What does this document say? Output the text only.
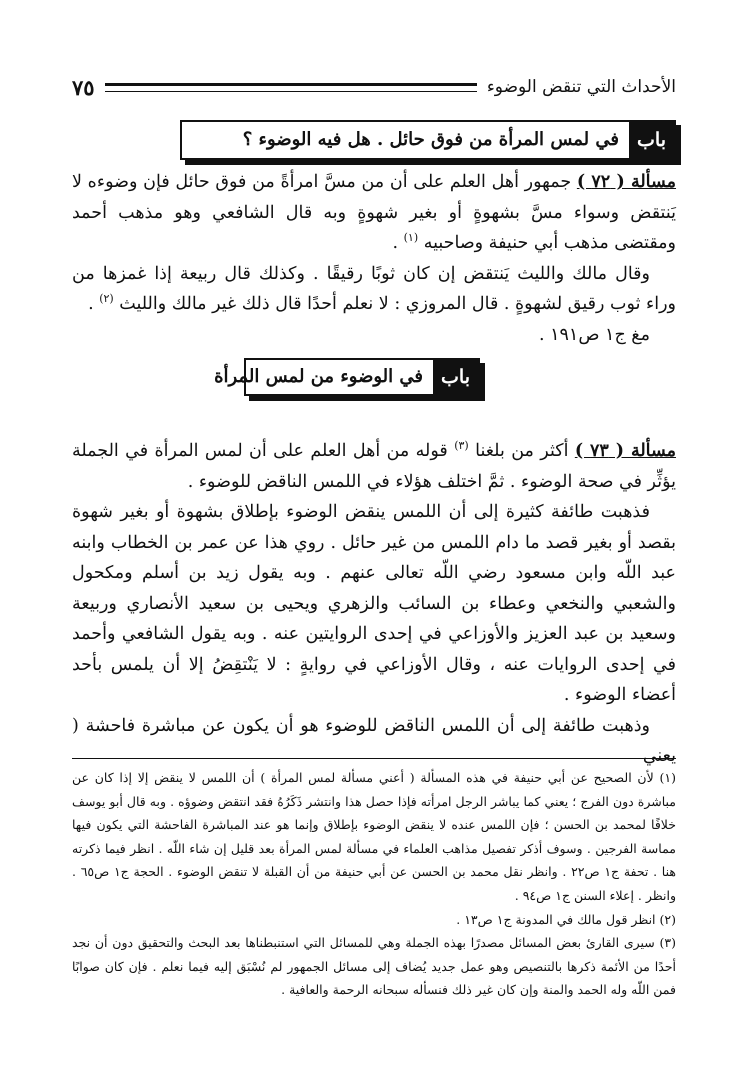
الأحداث التي تنقض الوضوء
٧٥
باب
في لمس المرأة من فوق حائل . هل فيه الوضوء ؟

مسألة ( ٧٢ ) جمهور أهل العلم على أن من مسَّ امرأةً من فوق حائل فإن وضوءه لا يَنتقض وسواء مسَّ بشهوةٍ أو بغير شهوةٍ وبه قال الشافعي وهو مذهب أحمد ومقتضى مذهب أبي حنيفة وصاحبيه $^{(١)}$ .

وقال مالك والليث يَنتقض إن كان ثوبًا رقيقًا . وكذلك قال ربيعة إذا غمزها من وراء ثوب رقيق لشهوةٍ . قال المروزي : لا نعلم أحدًا قال ذلك غير مالك والليث $^{(٢)}$ .

مغ ج١ ص١٩١ .

باب
في الوضوء من لمس المرأة

مسألة ( ٧٣ ) أكثر من بلغنا $^{(٣)}$ قوله من أهل العلم على أن لمس المرأة في الجملة يؤثِّر في صحة الوضوء . ثمَّ اختلف هؤلاء في اللمس الناقض للوضوء .

فذهبت طائفة كثيرة إلى أن اللمس ينقض الوضوء بإطلاق بشهوة أو بغير شهوة بقصد أو بغير قصد ما دام اللمس من غير حائل . روي هذا عن عمر بن الخطاب وابنه عبد اللّه وابن مسعود رضي اللّه تعالى عنهم . وبه يقول زيد بن أسلم ومكحول والشعبي والنخعي وعطاء بن السائب والزهري ويحيى بن سعيد الأنصاري وربيعة وسعيد بن عبد العزيز والأوزاعي في إحدى الروايتين عنه . وبه يقول الشافعي وأحمد في إحدى الروايات عنه ، وقال الأوزاعي في روايةٍ : لا يَنْتقِضُ إلا أن يلمس بأحد أعضاء الوضوء .

وذهبت طائفة إلى أن اللمس الناقض للوضوء هو أن يكون عن مباشرة فاحشة ( يعني

(١) لأن الصحيح عن أبي حنيفة في هذه المسألة ( أعني مسألة لمس المرأة ) أن اللمس لا ينقض إلا إذا كان عن مباشرة دون الفرج ؛ يعني كما يباشر الرجل امرأته فإذا حصل هذا وانتشر ذَكَرُهُ فقد انتقض وضوؤه . وبه قال أبو يوسف خلافًا لمحمد بن الحسن ؛ فإن اللمس عنده لا ينقض الوضوء بإطلاق وإنما هو عند المباشرة الفاحشة التي يكون فيها مماسة الفرجين . وسوف أذكر تفصيل مذاهب العلماء في مسألة لمس المرأة بعد قليل إن شاء اللّه . انظر فيما ذكرته هنا . تحفة ج١ ص٢٢ . وانظر نقل محمد بن الحسن عن أبي حنيفة من أن القبلة لا تنقض الوضوء . الحجة ج١ ص٦٥ . وانظر . إعلاء السنن ج١ ص٩٤ .

(٢) انظر قول مالك في المدونة ج١ ص١٣ .

(٣) سيرى القارئ بعض المسائل مصدرًا بهذه الجملة وهي للمسائل التي استنبطناها بعد البحث والتحقيق دون أن نجد أحدًا من الأئمة ذكرها بالتنصيص وهو عمل جديد يُضاف إلى مسائل الجمهور لم نُسْبَق إليه فيما نعلم . فإن كان صوابًا فمن اللّه وله الحمد والمنة وإن كان غير ذلك فنسأله سبحانه الرحمة والعافية .
